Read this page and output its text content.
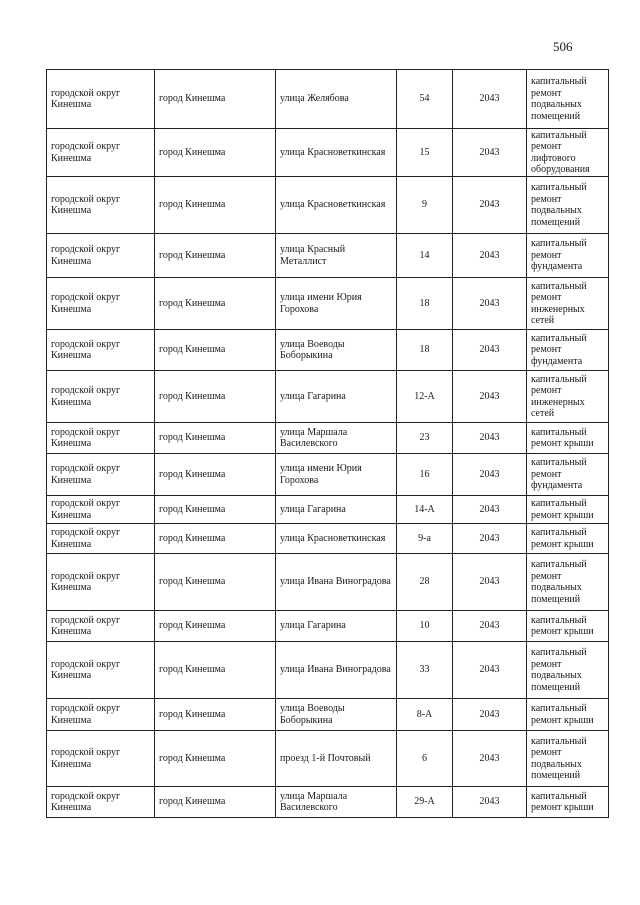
506
городской округ Кинешма	город Кинешма	улица Желябова	54	2043	капитальный ремонт подвальных помещений
городской округ Кинешма	город Кинешма	улица Красноветкинская	15	2043	капитальный ремонт лифтового оборудования
городской округ Кинешма	город Кинешма	улица Красноветкинская	9	2043	капитальный ремонт подвальных помещений
городской округ Кинешма	город Кинешма	улица Красный Металлист	14	2043	капитальный ремонт фундамента
городской округ Кинешма	город Кинешма	улица имени Юрия Горохова	18	2043	капитальный ремонт инженерных сетей
городской округ Кинешма	город Кинешма	улица Воеводы Боборыкина	18	2043	капитальный ремонт фундамента
городской округ Кинешма	город Кинешма	улица Гагарина	12-А	2043	капитальный ремонт инженерных сетей
городской округ Кинешма	город Кинешма	улица Маршала Василевского	23	2043	капитальный ремонт крыши
городской округ Кинешма	город Кинешма	улица имени Юрия Горохова	16	2043	капитальный ремонт фундамента
городской округ Кинешма	город Кинешма	улица Гагарина	14-А	2043	капитальный ремонт крыши
городской округ Кинешма	город Кинешма	улица Красноветкинская	9-а	2043	капитальный ремонт крыши
городской округ Кинешма	город Кинешма	улица Ивана Виноградова	28	2043	капитальный ремонт подвальных помещений
городской округ Кинешма	город Кинешма	улица Гагарина	10	2043	капитальный ремонт крыши
городской округ Кинешма	город Кинешма	улица Ивана Виноградова	33	2043	капитальный ремонт подвальных помещений
городской округ Кинешма	город Кинешма	улица Воеводы Боборыкина	8-А	2043	капитальный ремонт крыши
городской округ Кинешма	город Кинешма	проезд 1-й Почтовый	6	2043	капитальный ремонт подвальных помещений
городской округ Кинешма	город Кинешма	улица Маршала Василевского	29-А	2043	капитальный ремонт крыши
